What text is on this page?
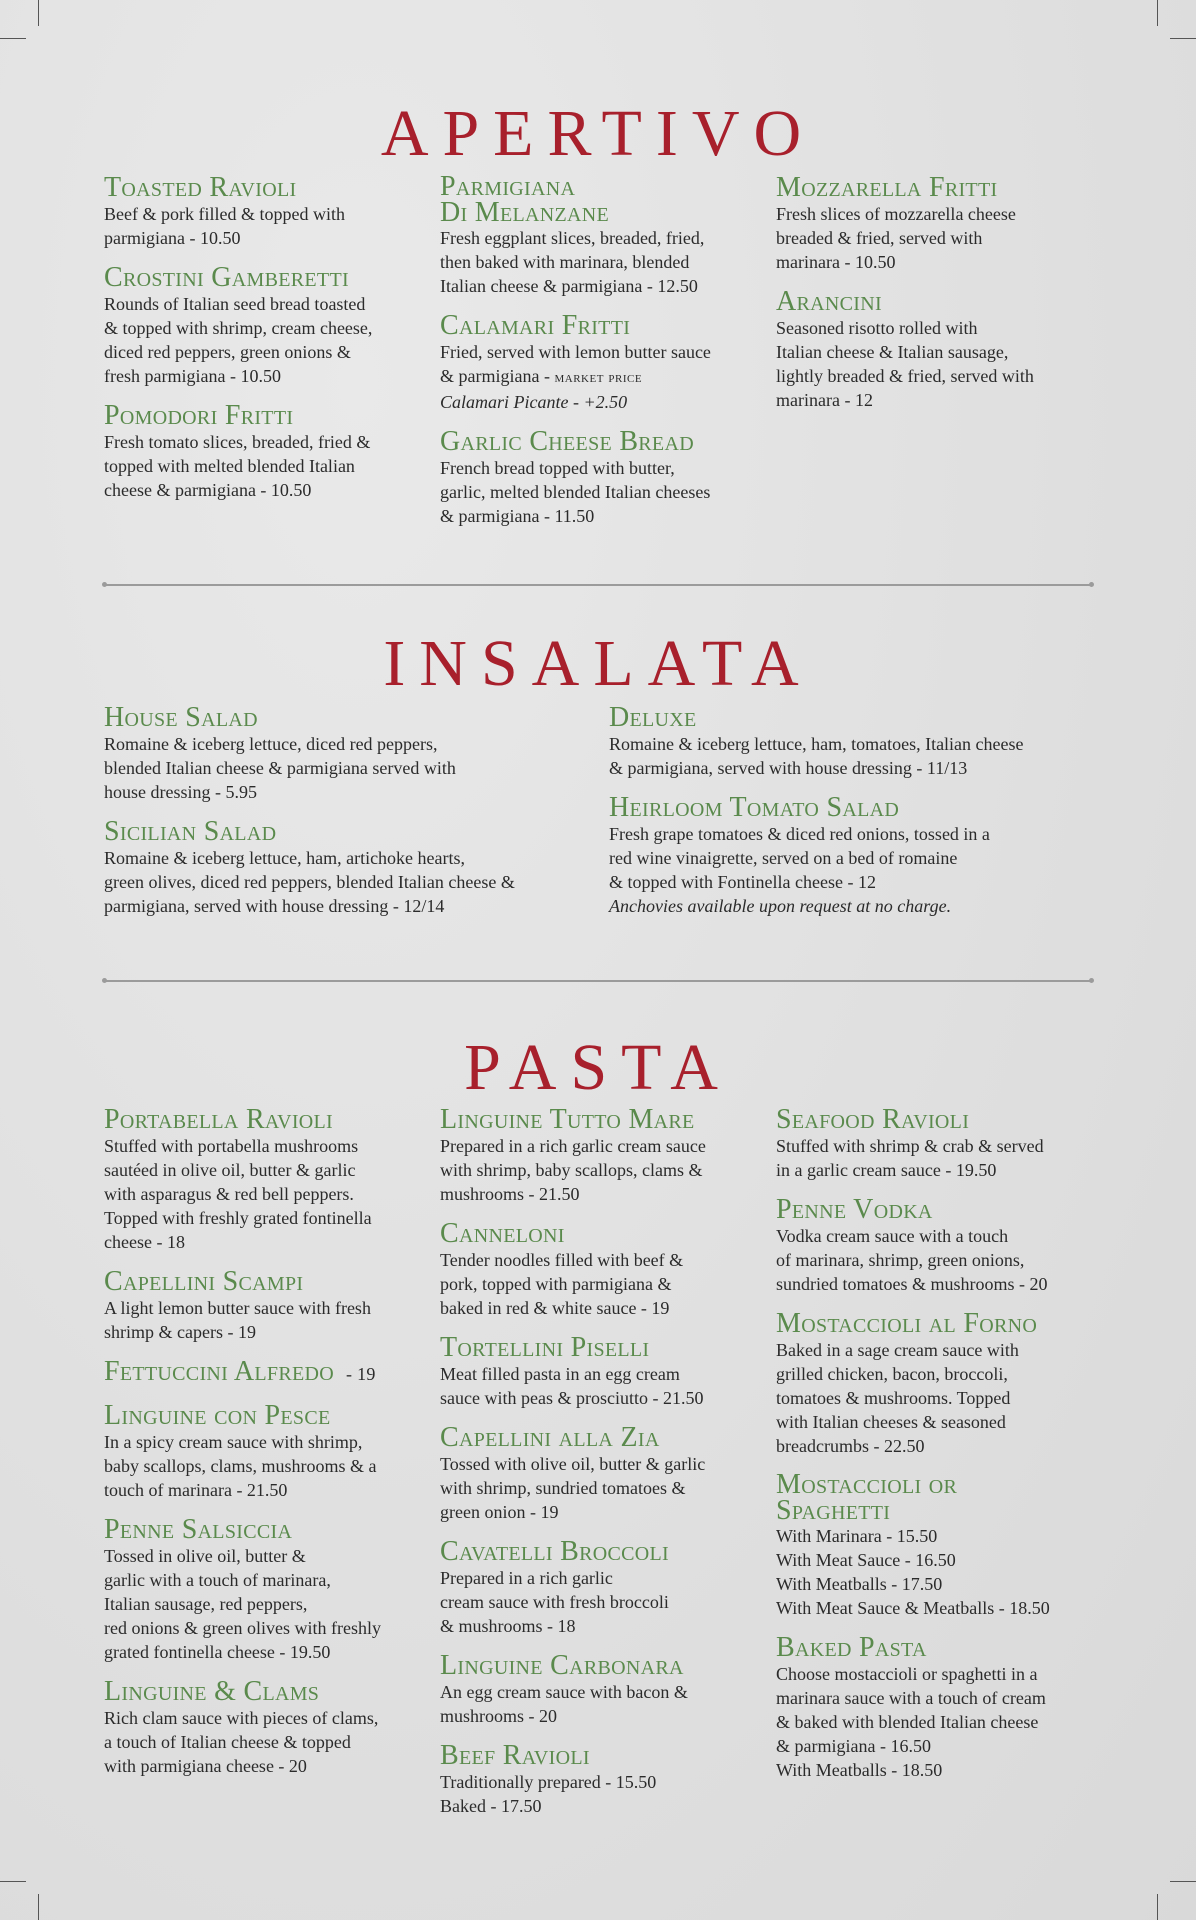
APERTIVO
Toasted Ravioli

Beef & pork filled & topped with
parmigiana - 10.50

Crostini Gamberetti

Rounds of Italian seed bread toasted
& topped with shrimp, cream cheese,
diced red peppers, green onions &
fresh parmigiana - 10.50

Pomodori Fritti

Fresh tomato slices, breaded, fried &
topped with melted blended Italian
cheese & parmigiana - 10.50

Parmigiana
Di Melanzane

Fresh eggplant slices, breaded, fried,
then baked with marinara, blended
Italian cheese & parmigiana - 12.50

Calamari Fritti

Fried, served with lemon butter sauce
& parmigiana - market price
Calamari Picante - +2.50

Garlic Cheese Bread

French bread topped with butter,
garlic, melted blended Italian cheeses
& parmigiana - 11.50

Mozzarella Fritti

Fresh slices of mozzarella cheese
breaded & fried, served with
marinara - 10.50

Arancini

Seasoned risotto rolled with
Italian cheese & Italian sausage,
lightly breaded & fried, served with
marinara - 12

INSALATA
House Salad

Romaine & iceberg lettuce, diced red peppers,
blended Italian cheese & parmigiana served with
house dressing - 5.95

Sicilian Salad

Romaine & iceberg lettuce, ham, artichoke hearts,
green olives, diced red peppers, blended Italian cheese &
parmigiana, served with house dressing - 12/14

Deluxe

Romaine & iceberg lettuce, ham, tomatoes, Italian cheese
& parmigiana, served with house dressing - 11/13

Heirloom Tomato Salad

Fresh grape tomatoes & diced red onions, tossed in a
red wine vinaigrette, served on a bed of romaine
& topped with Fontinella cheese - 12
Anchovies available upon request at no charge.

PASTA
Portabella Ravioli

Stuffed with portabella mushrooms
sautéed in olive oil, butter & garlic
with asparagus & red bell peppers.
Topped with freshly grated fontinella
cheese - 18

Capellini Scampi

A light lemon butter sauce with fresh
shrimp & capers - 19

Fettuccini Alfredo - 19
Linguine con Pesce

In a spicy cream sauce with shrimp,
baby scallops, clams, mushrooms & a
touch of marinara - 21.50

Penne Salsiccia

Tossed in olive oil, butter &
garlic with a touch of marinara,
Italian sausage, red peppers,
red onions & green olives with freshly
grated fontinella cheese - 19.50

Linguine & Clams

Rich clam sauce with pieces of clams,
a touch of Italian cheese & topped
with parmigiana cheese - 20

Linguine Tutto Mare

Prepared in a rich garlic cream sauce
with shrimp, baby scallops, clams &
mushrooms - 21.50

Canneloni

Tender noodles filled with beef &
pork, topped with parmigiana &
baked in red & white sauce - 19

Tortellini Piselli

Meat filled pasta in an egg cream
sauce with peas & prosciutto - 21.50

Capellini alla Zia

Tossed with olive oil, butter & garlic
with shrimp, sundried tomatoes &
green onion - 19

Cavatelli Broccoli

Prepared in a rich garlic
cream sauce with fresh broccoli
& mushrooms - 18

Linguine Carbonara

An egg cream sauce with bacon &
mushrooms - 20

Beef Ravioli

Traditionally prepared - 15.50
Baked - 17.50

Seafood Ravioli

Stuffed with shrimp & crab & served
in a garlic cream sauce - 19.50

Penne Vodka

Vodka cream sauce with a touch
of marinara, shrimp, green onions,
sundried tomatoes & mushrooms - 20

Mostaccioli al Forno

Baked in a sage cream sauce with
grilled chicken, bacon, broccoli,
tomatoes & mushrooms. Topped
with Italian cheeses & seasoned
breadcrumbs - 22.50

Mostaccioli or
Spaghetti

With Marinara - 15.50
With Meat Sauce - 16.50
With Meatballs - 17.50
With Meat Sauce & Meatballs - 18.50

Baked Pasta

Choose mostaccioli or spaghetti in a
marinara sauce with a touch of cream
& baked with blended Italian cheese
& parmigiana - 16.50
With Meatballs - 18.50
